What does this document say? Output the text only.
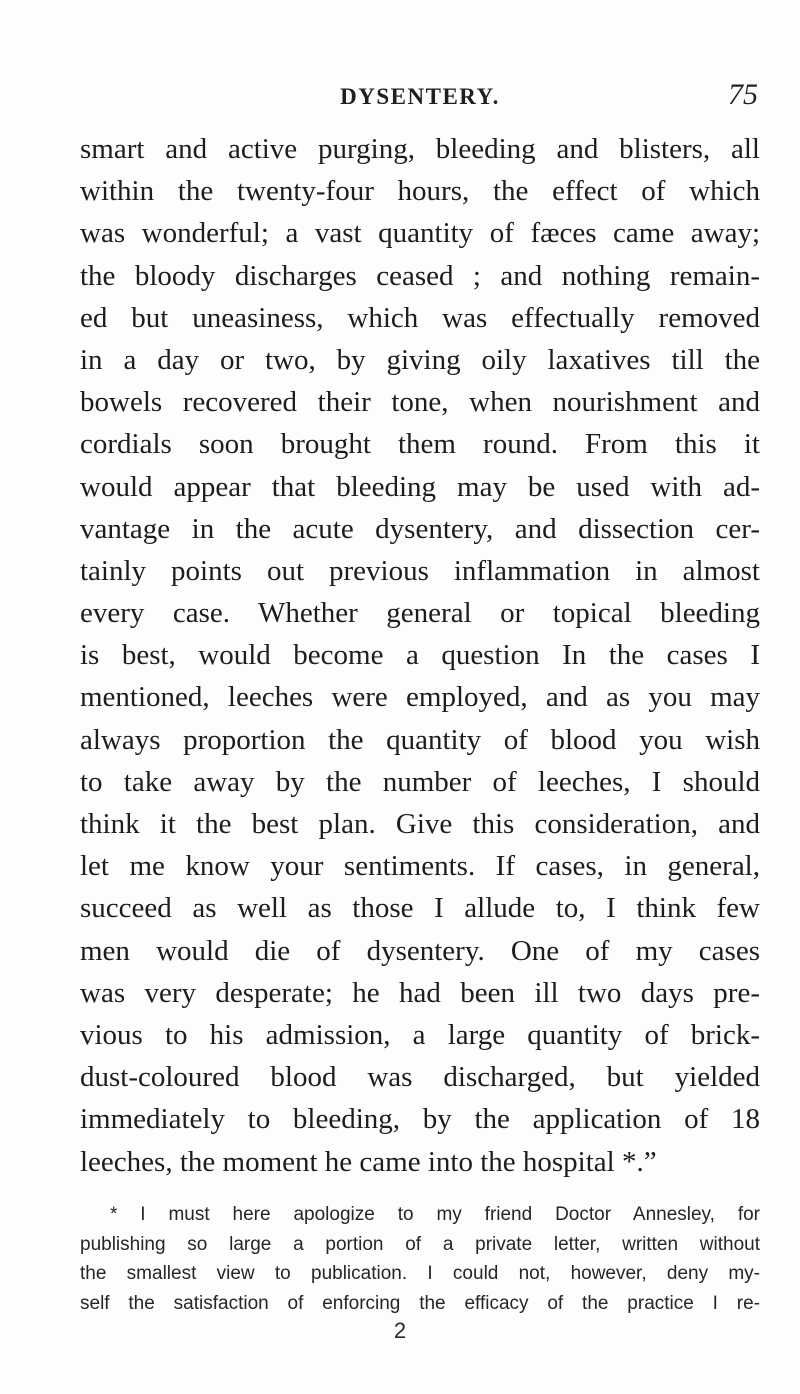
DYSENTERY.	75
smart and active purging, bleeding and blisters, all
within the twenty-four hours, the effect of which
was wonderful; a vast quantity of fæces came away;
the bloody discharges ceased ; and nothing remain-
ed but uneasiness, which was effectually removed
in a day or two, by giving oily laxatives till the
bowels recovered their tone, when nourishment and
cordials soon brought them round. From this it
would appear that bleeding may be used with ad-
vantage in the acute dysentery, and dissection cer-
tainly points out previous inflammation in almost
every case. Whether general or topical bleeding
is best, would become a question In the cases I
mentioned, leeches were employed, and as you may
always proportion the quantity of blood you wish
to take away by the number of leeches, I should
think it the best plan. Give this consideration, and
let me know your sentiments. If cases, in general,
succeed as well as those I allude to, I think few
men would die of dysentery. One of my cases
was very desperate; he had been ill two days pre-
vious to his admission, a large quantity of brick-
dust-coloured blood was discharged, but yielded
immediately to bleeding, by the application of 18
leeches, the moment he came into the hospital *.”
* I must here apologize to my friend Doctor Annesley, for
publishing so large a portion of a private letter, written without
the smallest view to publication. I could not, however, deny my-
self the satisfaction of enforcing the efficacy of the practice I re-
2
